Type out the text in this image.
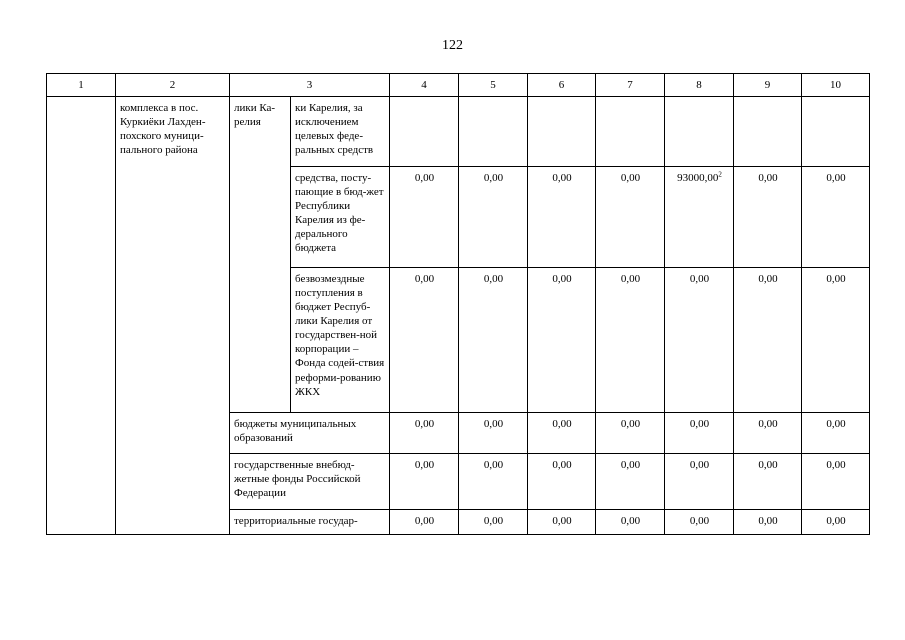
122
1	2	3		4	5	6	7	8	9	10
	комплекса в пос. Куркиёки Лахден-похского муници-пального района	лики Ка-релия	ки Карелия, за исключением целевых феде-ральных средств							
			средства, посту-пающие в бюд-жет Республики Карелия из фе-дерального бюджета	0,00	0,00	0,00	0,00	93000,00$^2$	0,00	0,00
			безвозмездные поступления в бюджет Респуб-лики Карелия от государствен-ной корпорации – Фонда содей-ствия реформи-рованию ЖКХ	0,00	0,00	0,00	0,00	0,00	0,00	0,00
		бюджеты муниципальных образований		0,00	0,00	0,00	0,00	0,00	0,00	0,00
		государственные внебюд-жетные фонды Российской Федерации		0,00	0,00	0,00	0,00	0,00	0,00	0,00
		территориальные государ-		0,00	0,00	0,00	0,00	0,00	0,00	0,00
